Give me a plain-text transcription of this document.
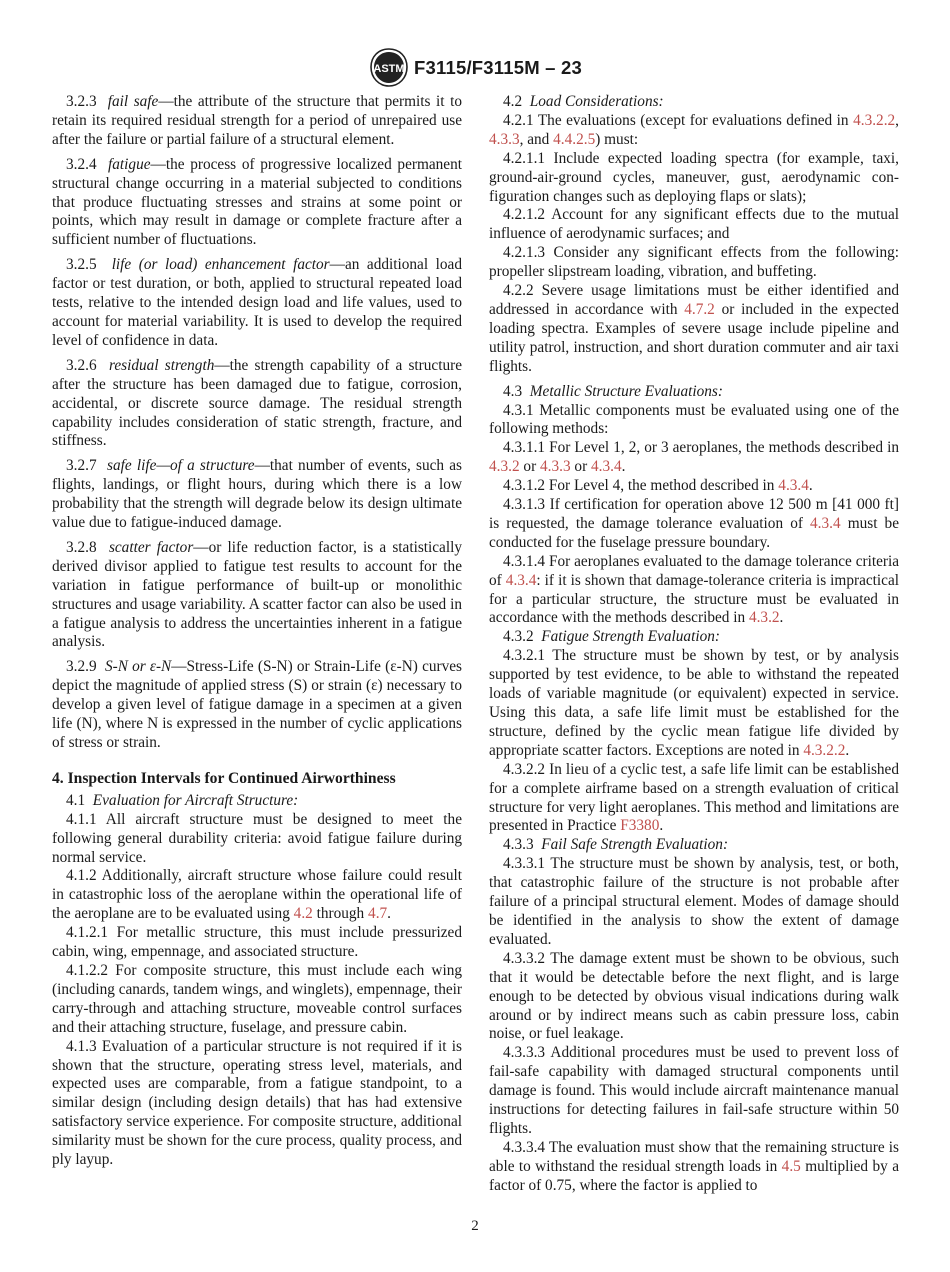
ASTM F3115/F3115M – 23

3.2.3 fail safe—the attribute of the structure that permits it to retain its required residual strength for a period of unrepaired use after the failure or partial failure of a structural element.

3.2.4 fatigue—the process of progressive localized permanent structural change occurring in a material subjected to conditions that produce fluctuating stresses and strains at some point or points, which may result in damage or complete fracture after a sufficient number of fluctuations.

3.2.5 life (or load) enhancement factor—an additional load factor or test duration, or both, applied to structural repeated load tests, relative to the intended design load and life values, used to account for material variability. It is used to develop the required level of confidence in data.

3.2.6 residual strength—the strength capability of a structure after the structure has been damaged due to fatigue, corrosion, accidental, or discrete source damage. The residual strength capability includes consideration of static strength, fracture, and stiffness.

3.2.7 safe life—of a structure—that number of events, such as flights, landings, or flight hours, during which there is a low probability that the strength will degrade below its design ultimate value due to fatigue-induced damage.

3.2.8 scatter factor—or life reduction factor, is a statistically derived divisor applied to fatigue test results to account for the variation in fatigue performance of built-up or monolithic structures and usage variability. A scatter factor can also be used in a fatigue analysis to address the uncertainties inherent in a fatigue analysis.

3.2.9 S-N or ε-N—Stress-Life (S-N) or Strain-Life (ε-N) curves depict the magnitude of applied stress (S) or strain (ε) necessary to develop a given level of fatigue damage in a specimen at a given life (N), where N is expressed in the number of cyclic applications of stress or strain.

4. Inspection Intervals for Continued Airworthiness

4.1 Evaluation for Aircraft Structure:

4.1.1 All aircraft structure must be designed to meet the following general durability criteria: avoid fatigue failure during normal service.

4.1.2 Additionally, aircraft structure whose failure could result in catastrophic loss of the aeroplane within the operational life of the aeroplane are to be evaluated using 4.2 through 4.7.

4.1.2.1 For metallic structure, this must include pressurized cabin, wing, empennage, and associated structure.

4.1.2.2 For composite structure, this must include each wing (including canards, tandem wings, and winglets), empennage, their carry-through and attaching structure, moveable control surfaces and their attaching structure, fuselage, and pressure cabin.

4.1.3 Evaluation of a particular structure is not required if it is shown that the structure, operating stress level, materials, and expected uses are comparable, from a fatigue standpoint, to a similar design (including design details) that has had extensive satisfactory service experience. For composite structure, additional similarity must be shown for the cure process, quality process, and ply layup.

4.2 Load Considerations:

4.2.1 The evaluations (except for evaluations defined in 4.3.2.2, 4.3.3, and 4.4.2.5) must:

4.2.1.1 Include expected loading spectra (for example, taxi, ground-air-ground cycles, maneuver, gust, aerodynamic configuration changes such as deploying flaps or slats);

4.2.1.2 Account for any significant effects due to the mutual influence of aerodynamic surfaces; and

4.2.1.3 Consider any significant effects from the following: propeller slipstream loading, vibration, and buffeting.

4.2.2 Severe usage limitations must be either identified and addressed in accordance with 4.7.2 or included in the expected loading spectra. Examples of severe usage include pipeline and utility patrol, instruction, and short duration commuter and air taxi flights.

4.3 Metallic Structure Evaluations:

4.3.1 Metallic components must be evaluated using one of the following methods:

4.3.1.1 For Level 1, 2, or 3 aeroplanes, the methods described in 4.3.2 or 4.3.3 or 4.3.4.

4.3.1.2 For Level 4, the method described in 4.3.4.

4.3.1.3 If certification for operation above 12 500 m [41 000 ft] is requested, the damage tolerance evaluation of 4.3.4 must be conducted for the fuselage pressure boundary.

4.3.1.4 For aeroplanes evaluated to the damage tolerance criteria of 4.3.4: if it is shown that damage-tolerance criteria is impractical for a particular structure, the structure must be evaluated in accordance with the methods described in 4.3.2.

4.3.2 Fatigue Strength Evaluation:

4.3.2.1 The structure must be shown by test, or by analysis supported by test evidence, to be able to withstand the repeated loads of variable magnitude (or equivalent) expected in service. Using this data, a safe life limit must be established for the structure, defined by the cyclic mean fatigue life divided by appropriate scatter factors. Exceptions are noted in 4.3.2.2.

4.3.2.2 In lieu of a cyclic test, a safe life limit can be established for a complete airframe based on a strength evaluation of critical structure for very light aeroplanes. This method and limitations are presented in Practice F3380.

4.3.3 Fail Safe Strength Evaluation:

4.3.3.1 The structure must be shown by analysis, test, or both, that catastrophic failure of the structure is not probable after failure of a principal structural element. Modes of damage should be identified in the analysis to show the extent of damage evaluated.

4.3.3.2 The damage extent must be shown to be obvious, such that it would be detectable before the next flight, and is large enough to be detected by obvious visual indications during walk around or by indirect means such as cabin pressure loss, cabin noise, or fuel leakage.

4.3.3.3 Additional procedures must be used to prevent loss of fail-safe capability with damaged structural components until damage is found. This would include aircraft maintenance manual instructions for detecting failures in fail-safe structure within 50 flights.

4.3.3.4 The evaluation must show that the remaining structure is able to withstand the residual strength loads in 4.5 multiplied by a factor of 0.75, where the factor is applied to

2
